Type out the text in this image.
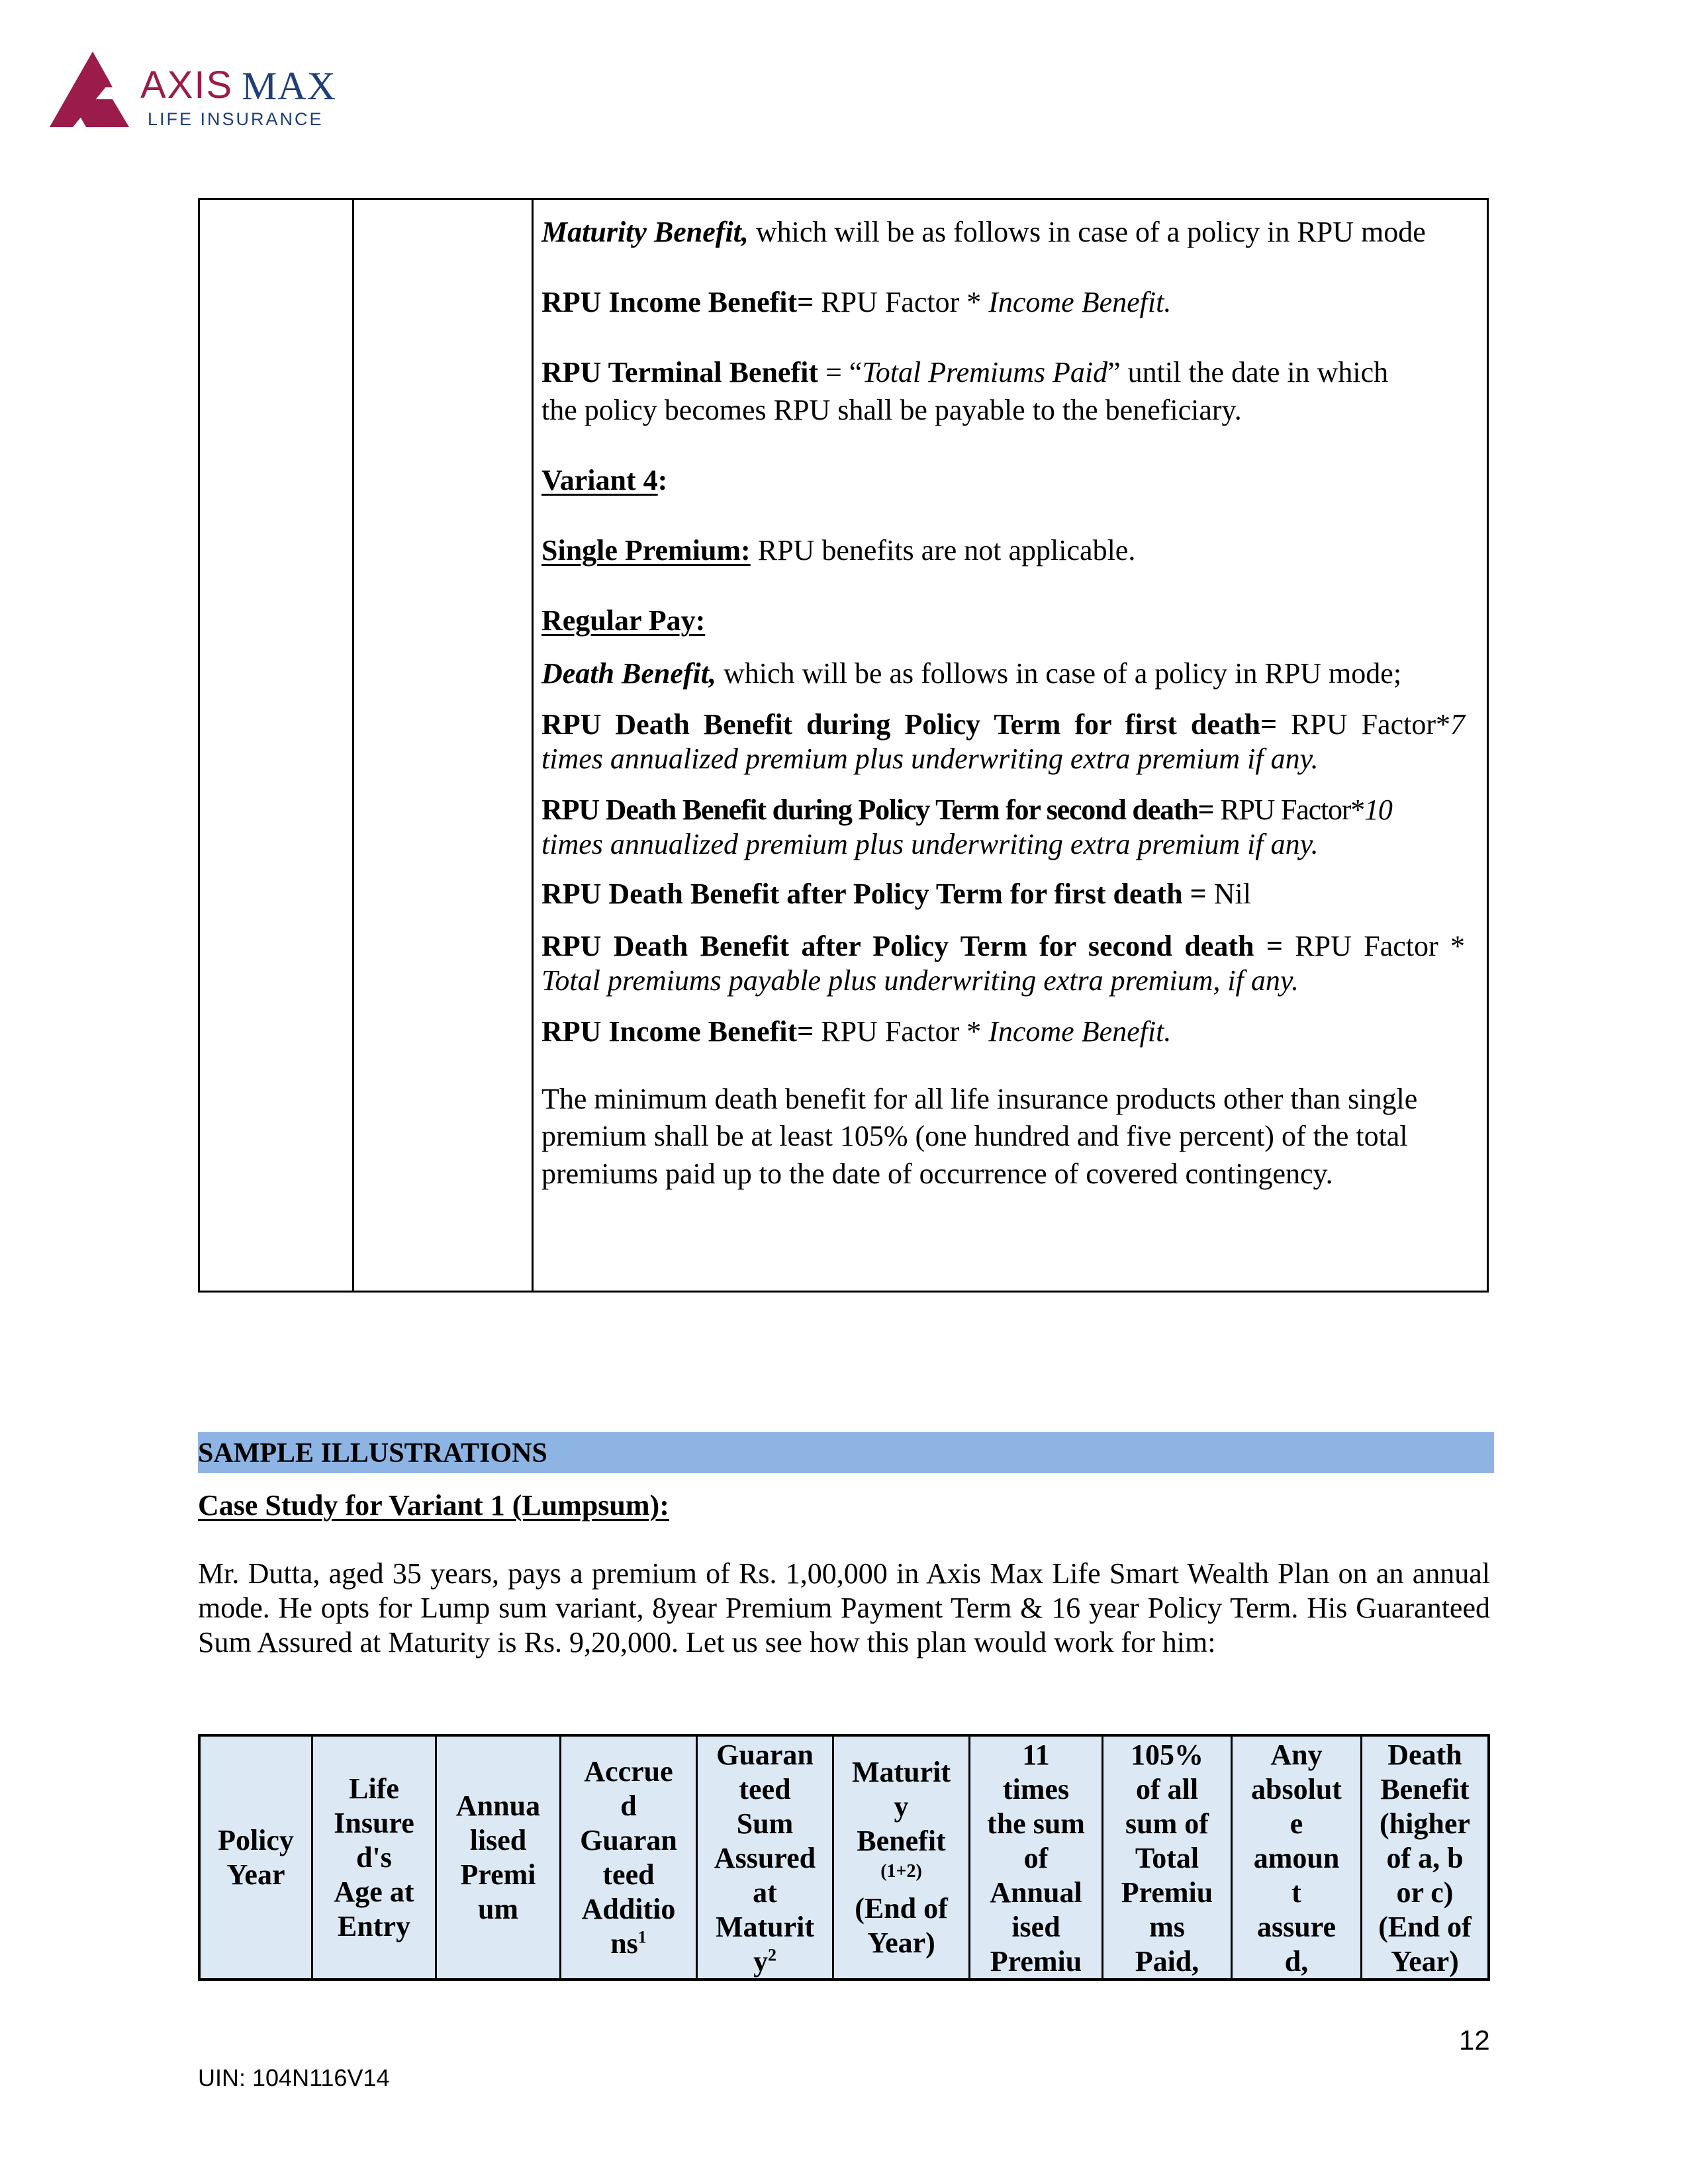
AXIS MAX
LIFE INSURANCE
Maturity Benefit, which will be as follows in case of a policy in RPU mode
RPU Income Benefit= RPU Factor * Income Benefit.
RPU Terminal Benefit = “Total Premiums Paid” until the date in which
the policy becomes RPU shall be payable to the beneficiary.
Variant 4:
Single Premium: RPU benefits are not applicable.
Regular Pay:
Death Benefit, which will be as follows in case of a policy in RPU mode;
RPU Death Benefit during Policy Term for first death= RPU Factor*7
times annualized premium plus underwriting extra premium if any.
RPU Death Benefit during Policy Term for second death= RPU Factor*10
times annualized premium plus underwriting extra premium if any.
RPU Death Benefit after Policy Term for first death = Nil
RPU Death Benefit after Policy Term for second death = RPU Factor *
Total premiums payable plus underwriting extra premium, if any.
RPU Income Benefit= RPU Factor * Income Benefit.
The minimum death benefit for all life insurance products other than single
premium shall be at least 105% (one hundred and five percent) of the total
premiums paid up to the date of occurrence of covered contingency.
SAMPLE ILLUSTRATIONS
Case Study for Variant 1 (Lumpsum):
Mr. Dutta, aged 35 years, pays a premium of Rs. 1,00,000 in Axis Max Life Smart Wealth Plan on an annual mode. He opts for Lump sum variant, 8year Premium Payment Term & 16 year Policy Term. His Guaranteed Sum Assured at Maturity is Rs. 9,20,000. Let us see how this plan would work for him:
Policy
Year
Life
Insure
d's
Age at
Entry
Annua
lised
Premi
um
Accrue
d
Guaran
teed
Additio
$ns^1$
Guaran
teed
Sum
Assured
at
Maturit
$y^2$
Maturit
y
Benefit
(1+2)
(End of
Year)
11
times
the sum
of
Annual
ised
Premiu
105%
of all
sum of
Total
Premiu
ms
Paid,
Any
absolut
e
amoun
t
assure
d,
Death
Benefit
(higher
of a, b
or c)
(End of
Year)
12
UIN: 104N116V14
